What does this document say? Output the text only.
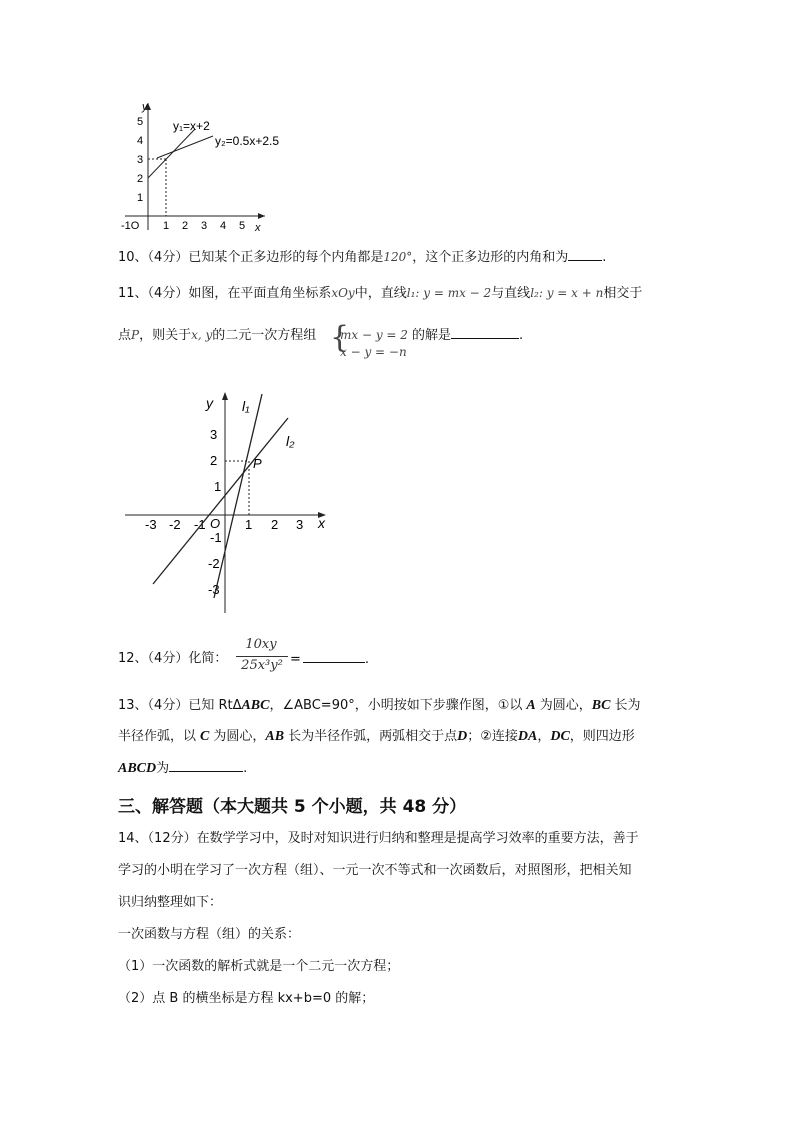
y
x
5
4
3
2
1
-1O 1 2 3 4 5
y₁=x+2
y₂=0.5x+2.5
10、（4分）已知某个正多边形的每个内角都是120°，这个正多边形的内角和为	.
11、（4分）如图，在平面直角坐标系xOy中，直线l₁: y = mx − 2与直线l₂: y = x + n相交于
点P，则关于x, y的二元一次方程组 {
mx − y = 2
x − y = −n
的解是	.
y
x
O
3
2
1
-1
-2
-3
-3 -2 -1	1 2 3
l₁
l₂
P
12、（4分）化简：
10xy
25x³y² =	.
13、（4分）已知 RtΔABC，∠ABC=90°，小明按如下步骤作图，①以 A 为圆心，BC 长为
半径作弧，以 C 为圆心，AB 长为半径作弧，两弧相交于点D；②连接DA，DC，则四边形
ABCD为	.
三、解答题（本大题共 5 个小题，共 48 分）
14、（12分）在数学学习中，及时对知识进行归纳和整理是提高学习效率的重要方法，善于
学习的小明在学习了一次方程（组）、一元一次不等式和一次函数后，对照图形，把相关知
识归纳整理如下：
一次函数与方程（组）的关系：
（1）一次函数的解析式就是一个二元一次方程；
（2）点 B 的横坐标是方程 kx+b=0 的解；
